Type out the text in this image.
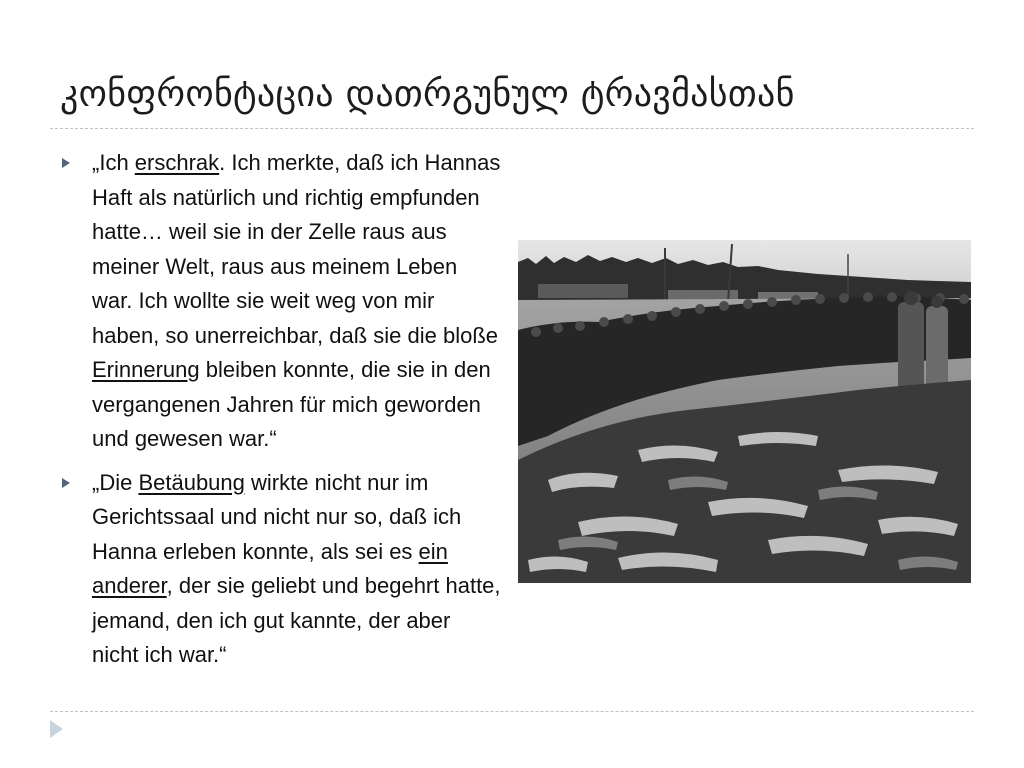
კონფრონტაცია დათრგუნულ ტრავმასთან
„Ich erschrak. Ich merkte, daß ich Hannas Haft als natürlich und richtig empfunden hatte… weil sie in der Zelle raus aus meiner Welt, raus aus meinem Leben war. Ich wollte sie weit weg von mir haben, so unerreichbar, daß sie die bloße Erinnerung bleiben konnte, die sie in den vergangenen Jahren für mich geworden und gewesen war.“
„Die Betäubung wirkte nicht nur im Gerichtssaal und nicht nur so, daß ich Hanna erleben konnte, als sei es ein anderer, der sie geliebt und begehrt hatte, jemand, den ich gut kannte, der aber nicht ich war.“
